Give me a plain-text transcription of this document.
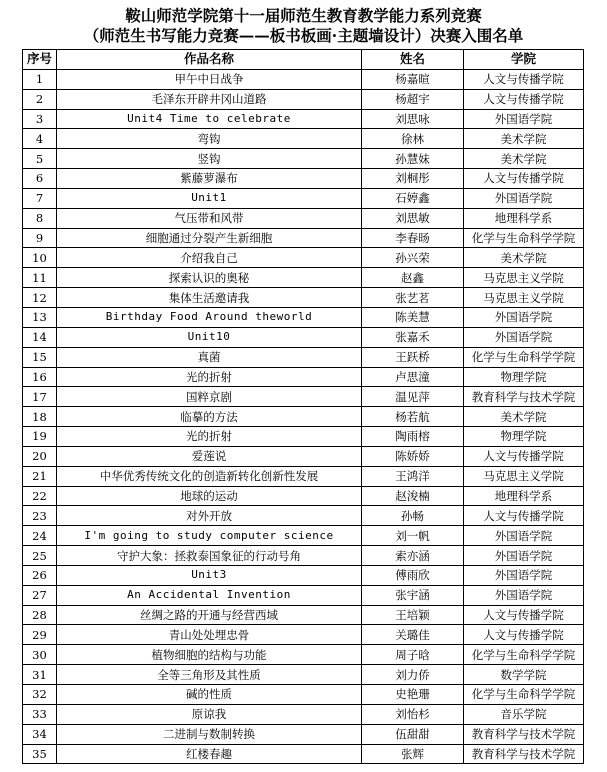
鞍山师范学院第十一届师范生教育教学能力系列竞赛
（师范生书写能力竞赛——板书板画·主题墙设计）决赛入围名单
序号	作品名称	姓名	学院
1	甲午中日战争	杨嘉暄	人文与传播学院
2	毛泽东开辟井冈山道路	杨超宇	人文与传播学院
3	Unit4 Time to celebrate	刘思咏	外国语学院
4	弯钩	徐林	美术学院
5	竖钩	孙慧妹	美术学院
6	紫藤萝瀑布	刘桐彤	人文与传播学院
7	Unit1	石婷鑫	外国语学院
8	气压带和风带	刘思敏	地理科学系
9	细胞通过分裂产生新细胞	李春旸	化学与生命科学学院
10	介绍我自己	孙兴荣	美术学院
11	探索认识的奥秘	赵鑫	马克思主义学院
12	集体生活邀请我	张艺茗	马克思主义学院
13	Birthday Food Around theworld	陈美慧	外国语学院
14	Unit10	张嘉禾	外国语学院
15	真菌	王跃桥	化学与生命科学学院
16	光的折射	卢思潼	物理学院
17	国粹京剧	温见萍	教育科学与技术学院
18	临摹的方法	杨若航	美术学院
19	光的折射	陶雨榕	物理学院
20	爱莲说	陈娇娇	人文与传播学院
21	中华优秀传统文化的创造新转化创新性发展	王鸿洋	马克思主义学院
22	地球的运动	赵浚楠	地理科学系
23	对外开放	孙畅	人文与传播学院
24	I'm going to study computer science	刘一帆	外国语学院
25	守护大象：拯救泰国象征的行动号角	索亦涵	外国语学院
26	Unit3	傅雨欣	外国语学院
27	An Accidental Invention	张宇涵	外国语学院
28	丝绸之路的开通与经营西域	王培颖	人文与传播学院
29	青山处处埋忠骨	关璐佳	人文与传播学院
30	植物细胞的结构与功能	周子晗	化学与生命科学学院
31	全等三角形及其性质	刘力侨	数学学院
32	碱的性质	史艳珊	化学与生命科学学院
33	原谅我	刘怡杉	音乐学院
34	二进制与数制转换	伍甜甜	教育科学与技术学院
35	红楼春趣	张辉	教育科学与技术学院
